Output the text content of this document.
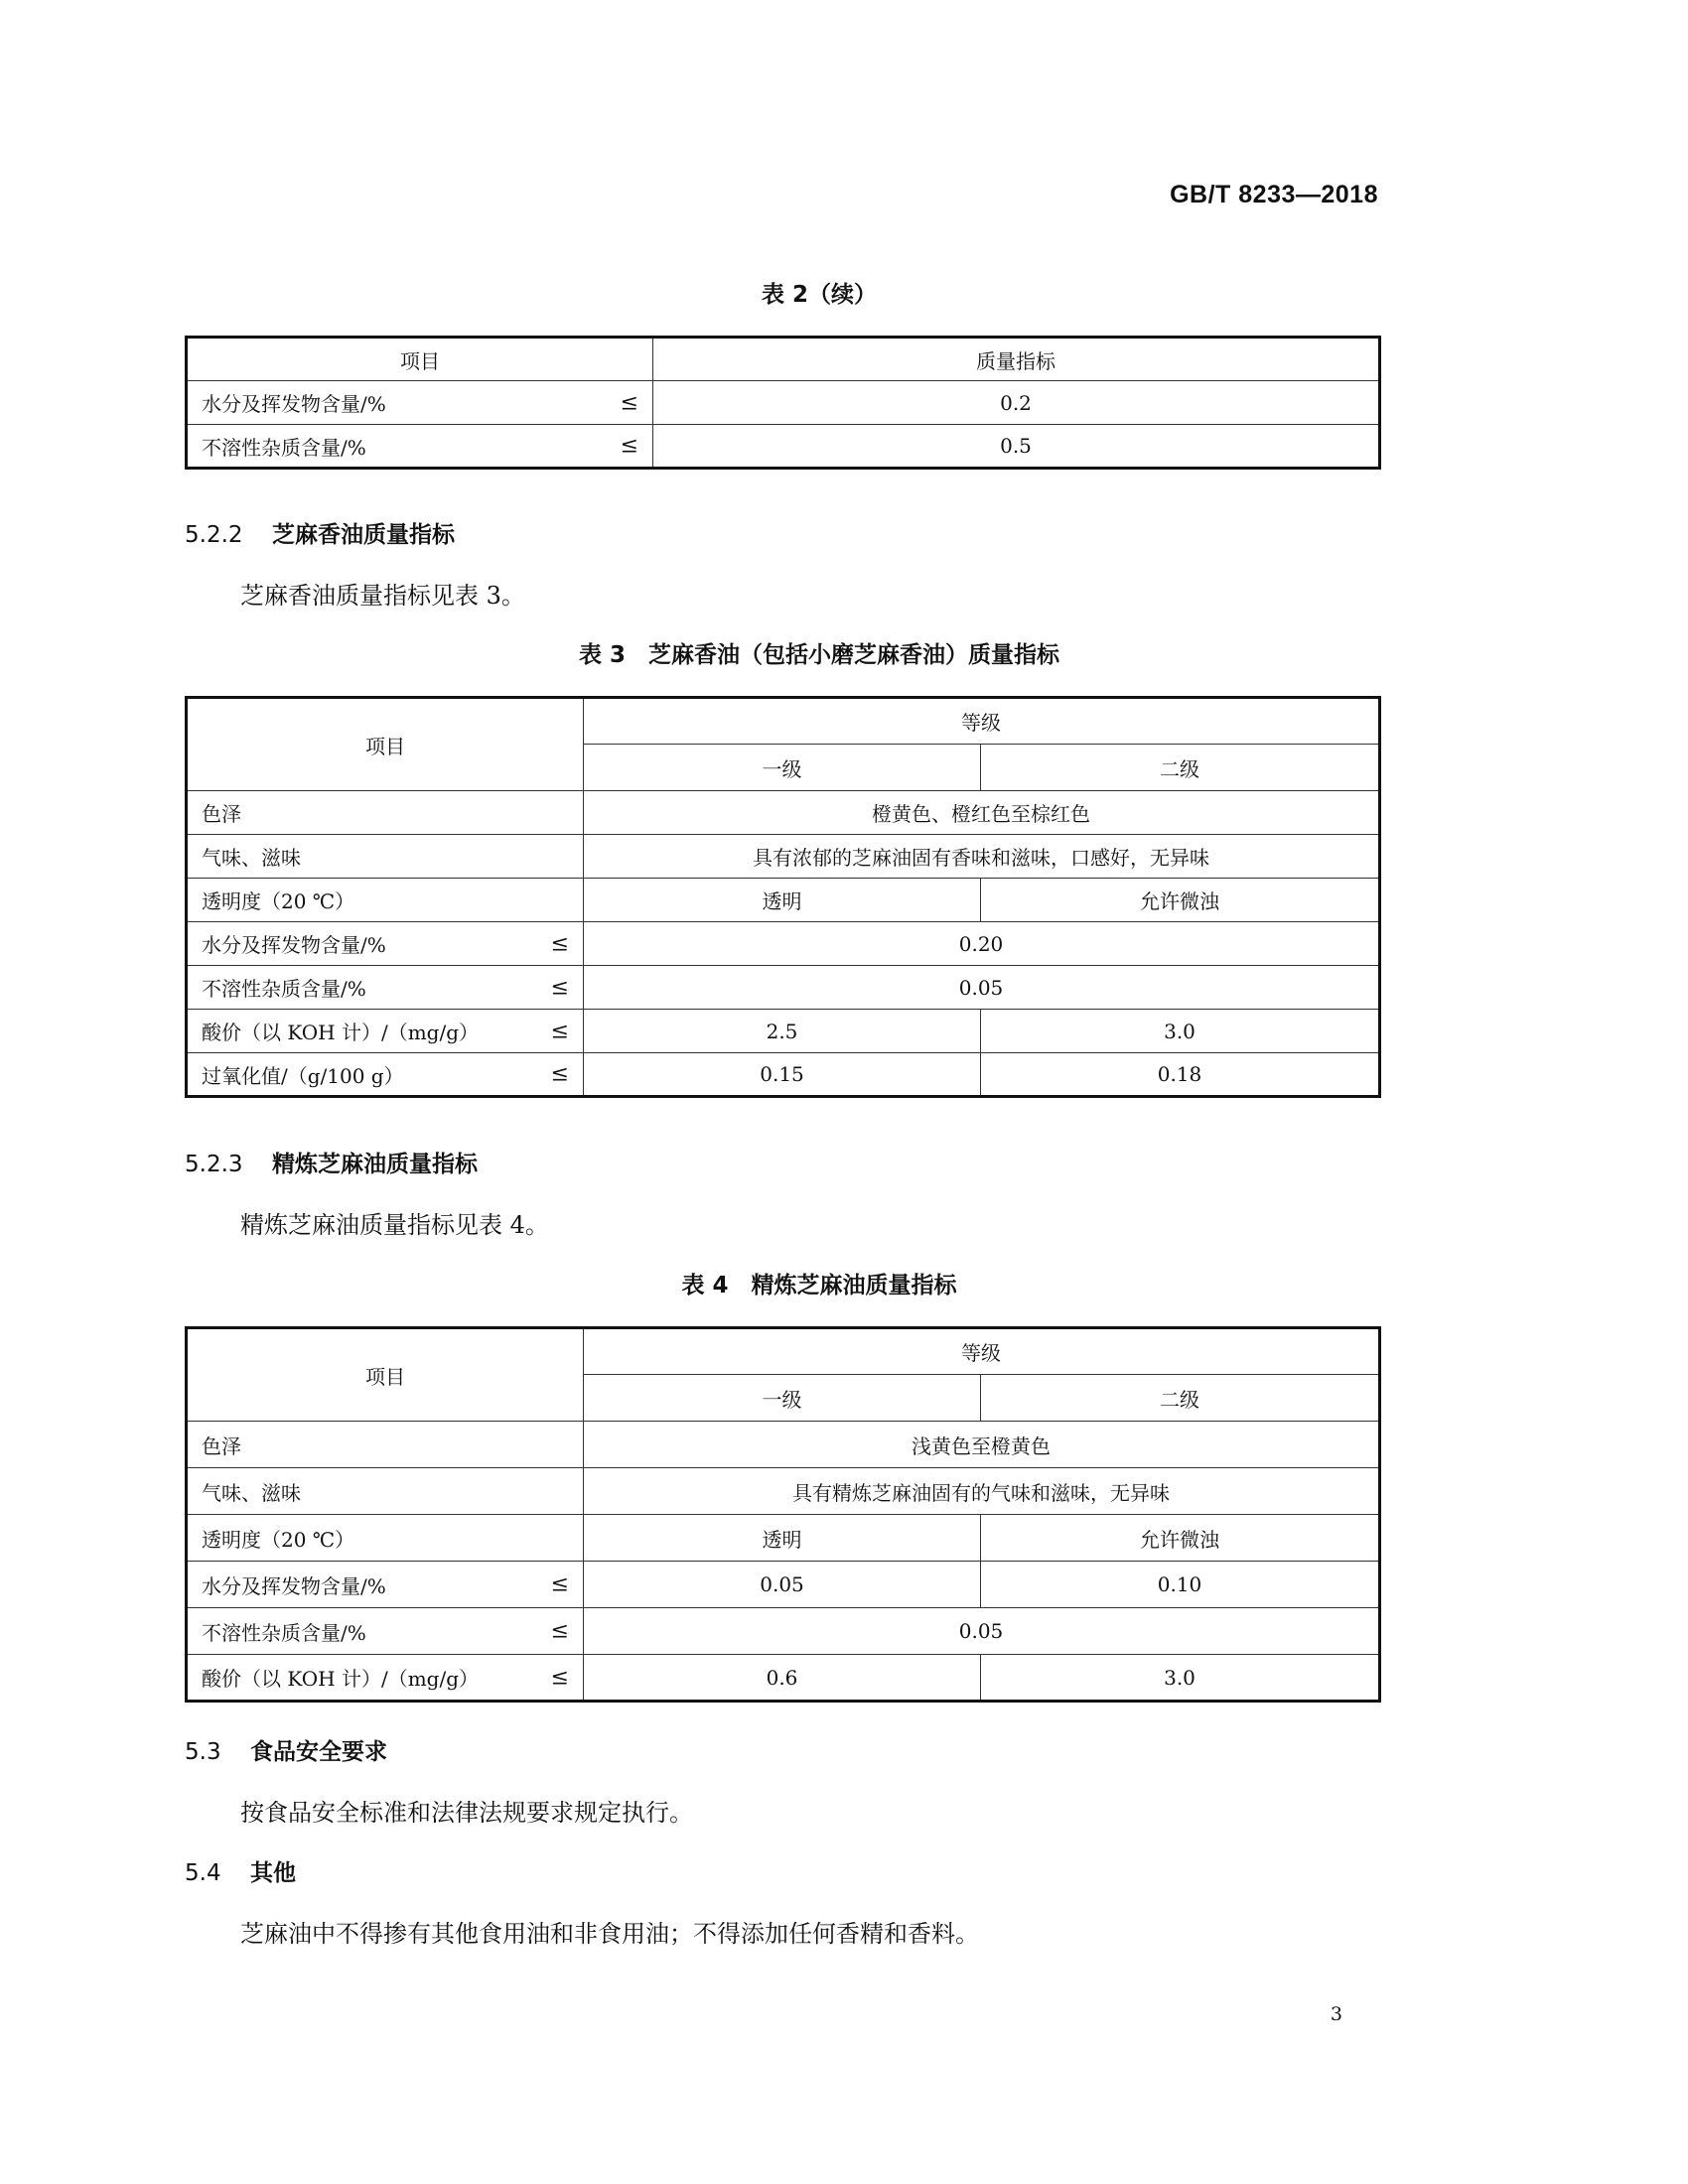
GB/T 8233—2018
表 2（续）
项目	质量指标
水分及挥发物含量/% ≤	0.2
不溶性杂质含量/% ≤	0.5
5.2.2 芝麻香油质量指标
芝麻香油质量指标见表 3。
表 3　芝麻香油（包括小磨芝麻香油）质量指标
项目	等级	
	一级	二级
色泽	橙黄色、橙红色至棕红色	
气味、滋味	具有浓郁的芝麻油固有香味和滋味，口感好，无异味	
透明度（20 ℃）	透明	允许微浊
水分及挥发物含量/% ≤	0.20	
不溶性杂质含量/% ≤	0.05	
酸价（以 KOH 计）/（mg/g） ≤	2.5	3.0
过氧化值/（g/100 g） ≤	0.15	0.18
5.2.3 精炼芝麻油质量指标
精炼芝麻油质量指标见表 4。
表 4　精炼芝麻油质量指标
项目	等级	
	一级	二级
色泽	浅黄色至橙黄色	
气味、滋味	具有精炼芝麻油固有的气味和滋味，无异味	
透明度（20 ℃）	透明	允许微浊
水分及挥发物含量/% ≤	0.05	0.10
不溶性杂质含量/% ≤	0.05	
酸价（以 KOH 计）/（mg/g） ≤	0.6	3.0
5.3 食品安全要求
按食品安全标准和法律法规要求规定执行。
5.4 其他
芝麻油中不得掺有其他食用油和非食用油；不得添加任何香精和香料。
3
